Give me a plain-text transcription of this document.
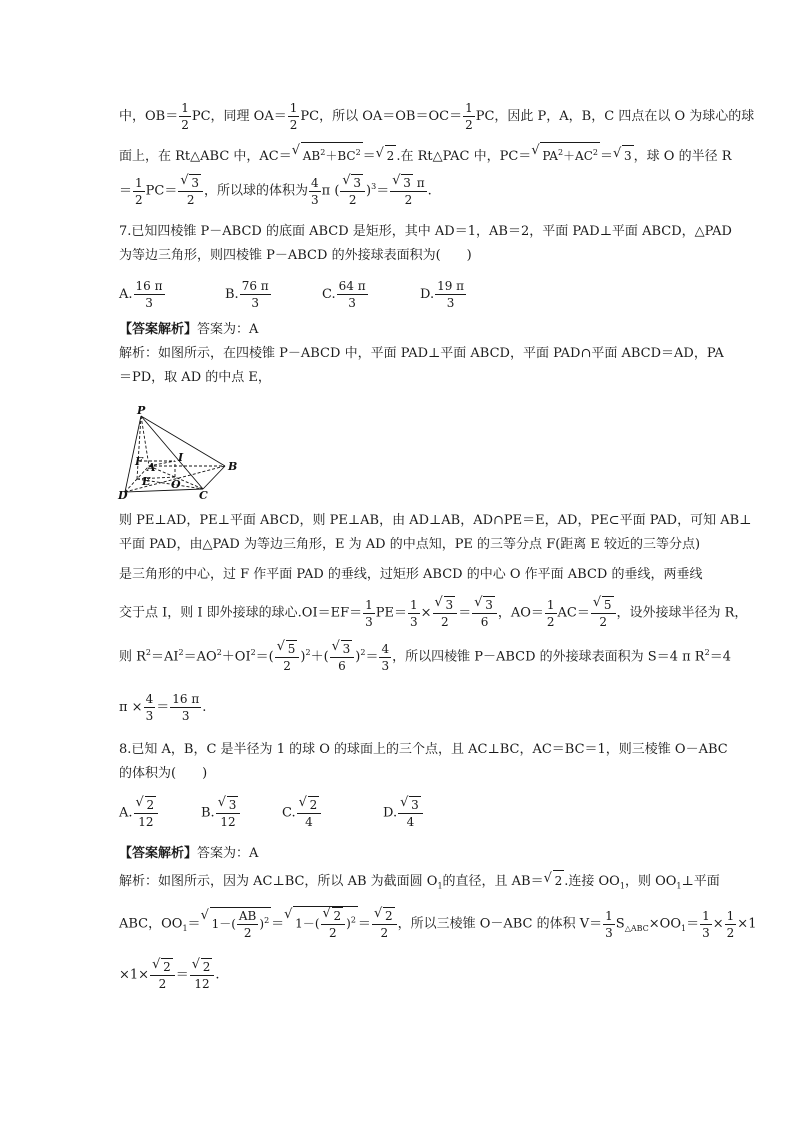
中，$OB= \frac{1}{2}$ PC，同理 $OA= \frac{1}{2}$ PC，所以 $OA=OB=OC= \frac{1}{2}$ PC，因此 P，A，B，C 四点在以 O 为球心的球
面上，在 Rt△ABC 中，AC＝√ $AB^2+BC^2$ ＝√ 2 .在 Rt△PAC 中，PC＝√ $PA^2+AC^2$ ＝√ 3 ，球 O 的半径 R
＝ $\frac{1}{2} PC=$
√ $\frac{3}{2}$ ，所以球的体积为 $\frac{4}{3}$ π (
√ $\frac{3}{2} )^3=$
√ $\frac{3 \pi}{2}$ .
7.已知四棱锥 P－ABCD 的底面 ABCD 是矩形，其中 AD＝1，AB＝2，平面 PAD⊥平面 ABCD，△PAD
为等边三角形，则四棱锥 P－ABCD 的外接球表面积为(　　)
A. $\frac{16 \pi}{3}$	B. $\frac{76 \pi}{3}$	C. $\frac{64 \pi}{3}$	D. $\frac{19 \pi}{3}$
【答案解析】答案为：A
解析：如图所示，在四棱锥 P－ABCD 中，平面 PAD⊥平面 ABCD，平面 PAD∩平面 ABCD＝AD，PA
＝PD，取 AD 的中点 E，
P
F A
I
B
E O
D	C
则 PE⊥AD，PE⊥平面 ABCD，则 PE⊥AB，由 AD⊥AB，AD∩PE＝E，AD，PE⊂平面 PAD，可知 AB⊥
平面 PAD，由△PAD 为等边三角形，E 为 AD 的中点知，PE 的三等分点 F(距离 E 较近的三等分点)
是三角形的中心，过 F 作平面 PAD 的垂线，过矩形 ABCD 的中心 O 作平面 ABCD 的垂线，两垂线
交于点 I，则 I 即外接球的球心$.OI=EF= \frac{1}{3} PE= \frac{1}{3}$ ×
√ $\frac{3}{2}$ ＝
√ $\frac{3}{6}$ ，$AO= \frac{1}{2} AC=$
√ $\frac{5}{2}$ ，设外接球半径为 R，
则 $R^2=AI^2=AO^2+OI^2=$(
√ $\frac{5}{2} )^2+$(
√ $\frac{3}{6} )^2= \frac{4}{3}$ ，所以四棱锥 P－ABCD 的外接球表面积为 S＝4 π $R^2=4$
$\pi \times \frac{4}{3} = \frac{16 \pi}{3}$ .
8.已知 A，B，C 是半径为 1 的球 O 的球面上的三个点，且 AC⊥BC，AC＝BC＝1，则三棱锥 O－ABC
的体积为(　　)
A.
√ $\frac{2}{12}$	B.
√ $\frac{3}{12}$	C.
√ $\frac{2}{4}$	D.
√ $\frac{3}{4}$
【答案解析】答案为：A
解析：如图所示，因为 AC⊥BC，所以 AB 为截面圆 $O_1$的直径，且 AB＝√ 2 .连接 $OO_1$，则 $OO_1\perp$平面
ABC，$OO_1=√$ $1-( \frac{AB}{2} )^2$ ＝√ 1－(
√ $\frac{2}{2} )^2$ ＝
√ $\frac{2}{2}$ ，所以三棱锥 O－ABC 的体积 $V= \frac{1}{3} S_{\triangle ABC}\times OO_1= \frac{1}{3} \times \frac{1}{2} \times 1$
×1×
√ $\frac{2}{2}$ ＝
√ $\frac{2}{12}$ .
